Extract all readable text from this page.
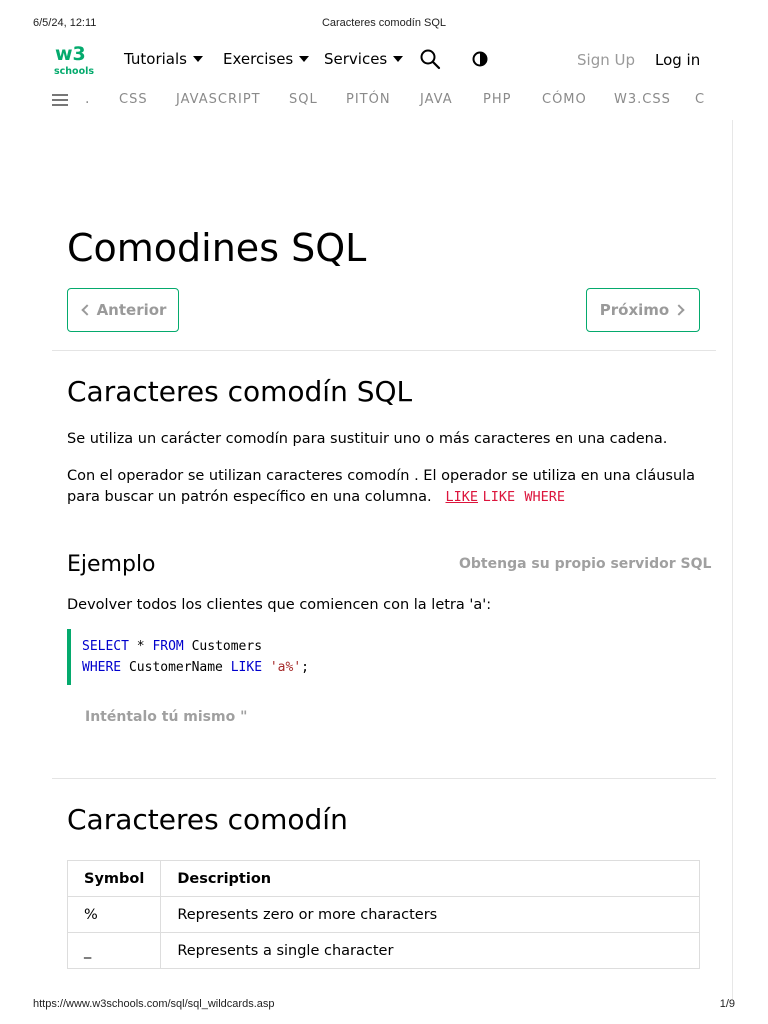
6/5/24, 12:11	Caracteres comodín SQL
w3
schools
Tutorials Exercises Services	Sign Up Log in
. CSS JAVASCRIPT SQL PITÓN JAVA PHP CÓMO W3.CSS C
Comodines SQL
Anterior	Próximo
Caracteres comodín SQL

Se utiliza un carácter comodín para sustituir uno o más caracteres en una cadena.

Con el operador se utilizan caracteres comodín . El operador se utiliza en una cláusula para buscar un patrón específico en una columna. LIKE LIKE WHERE

Ejemplo	Obtenga su propio servidor SQL

Devolver todos los clientes que comiencen con la letra 'a':

SELECT * FROM Customers
WHERE CustomerName LIKE 'a%';
Inténtalo tú mismo "
Caracteres comodín
Symbol	Description
%	Represents zero or more characters
_	Represents a single character
https://www.w3schools.com/sql/sql_wildcards.asp	1/9
